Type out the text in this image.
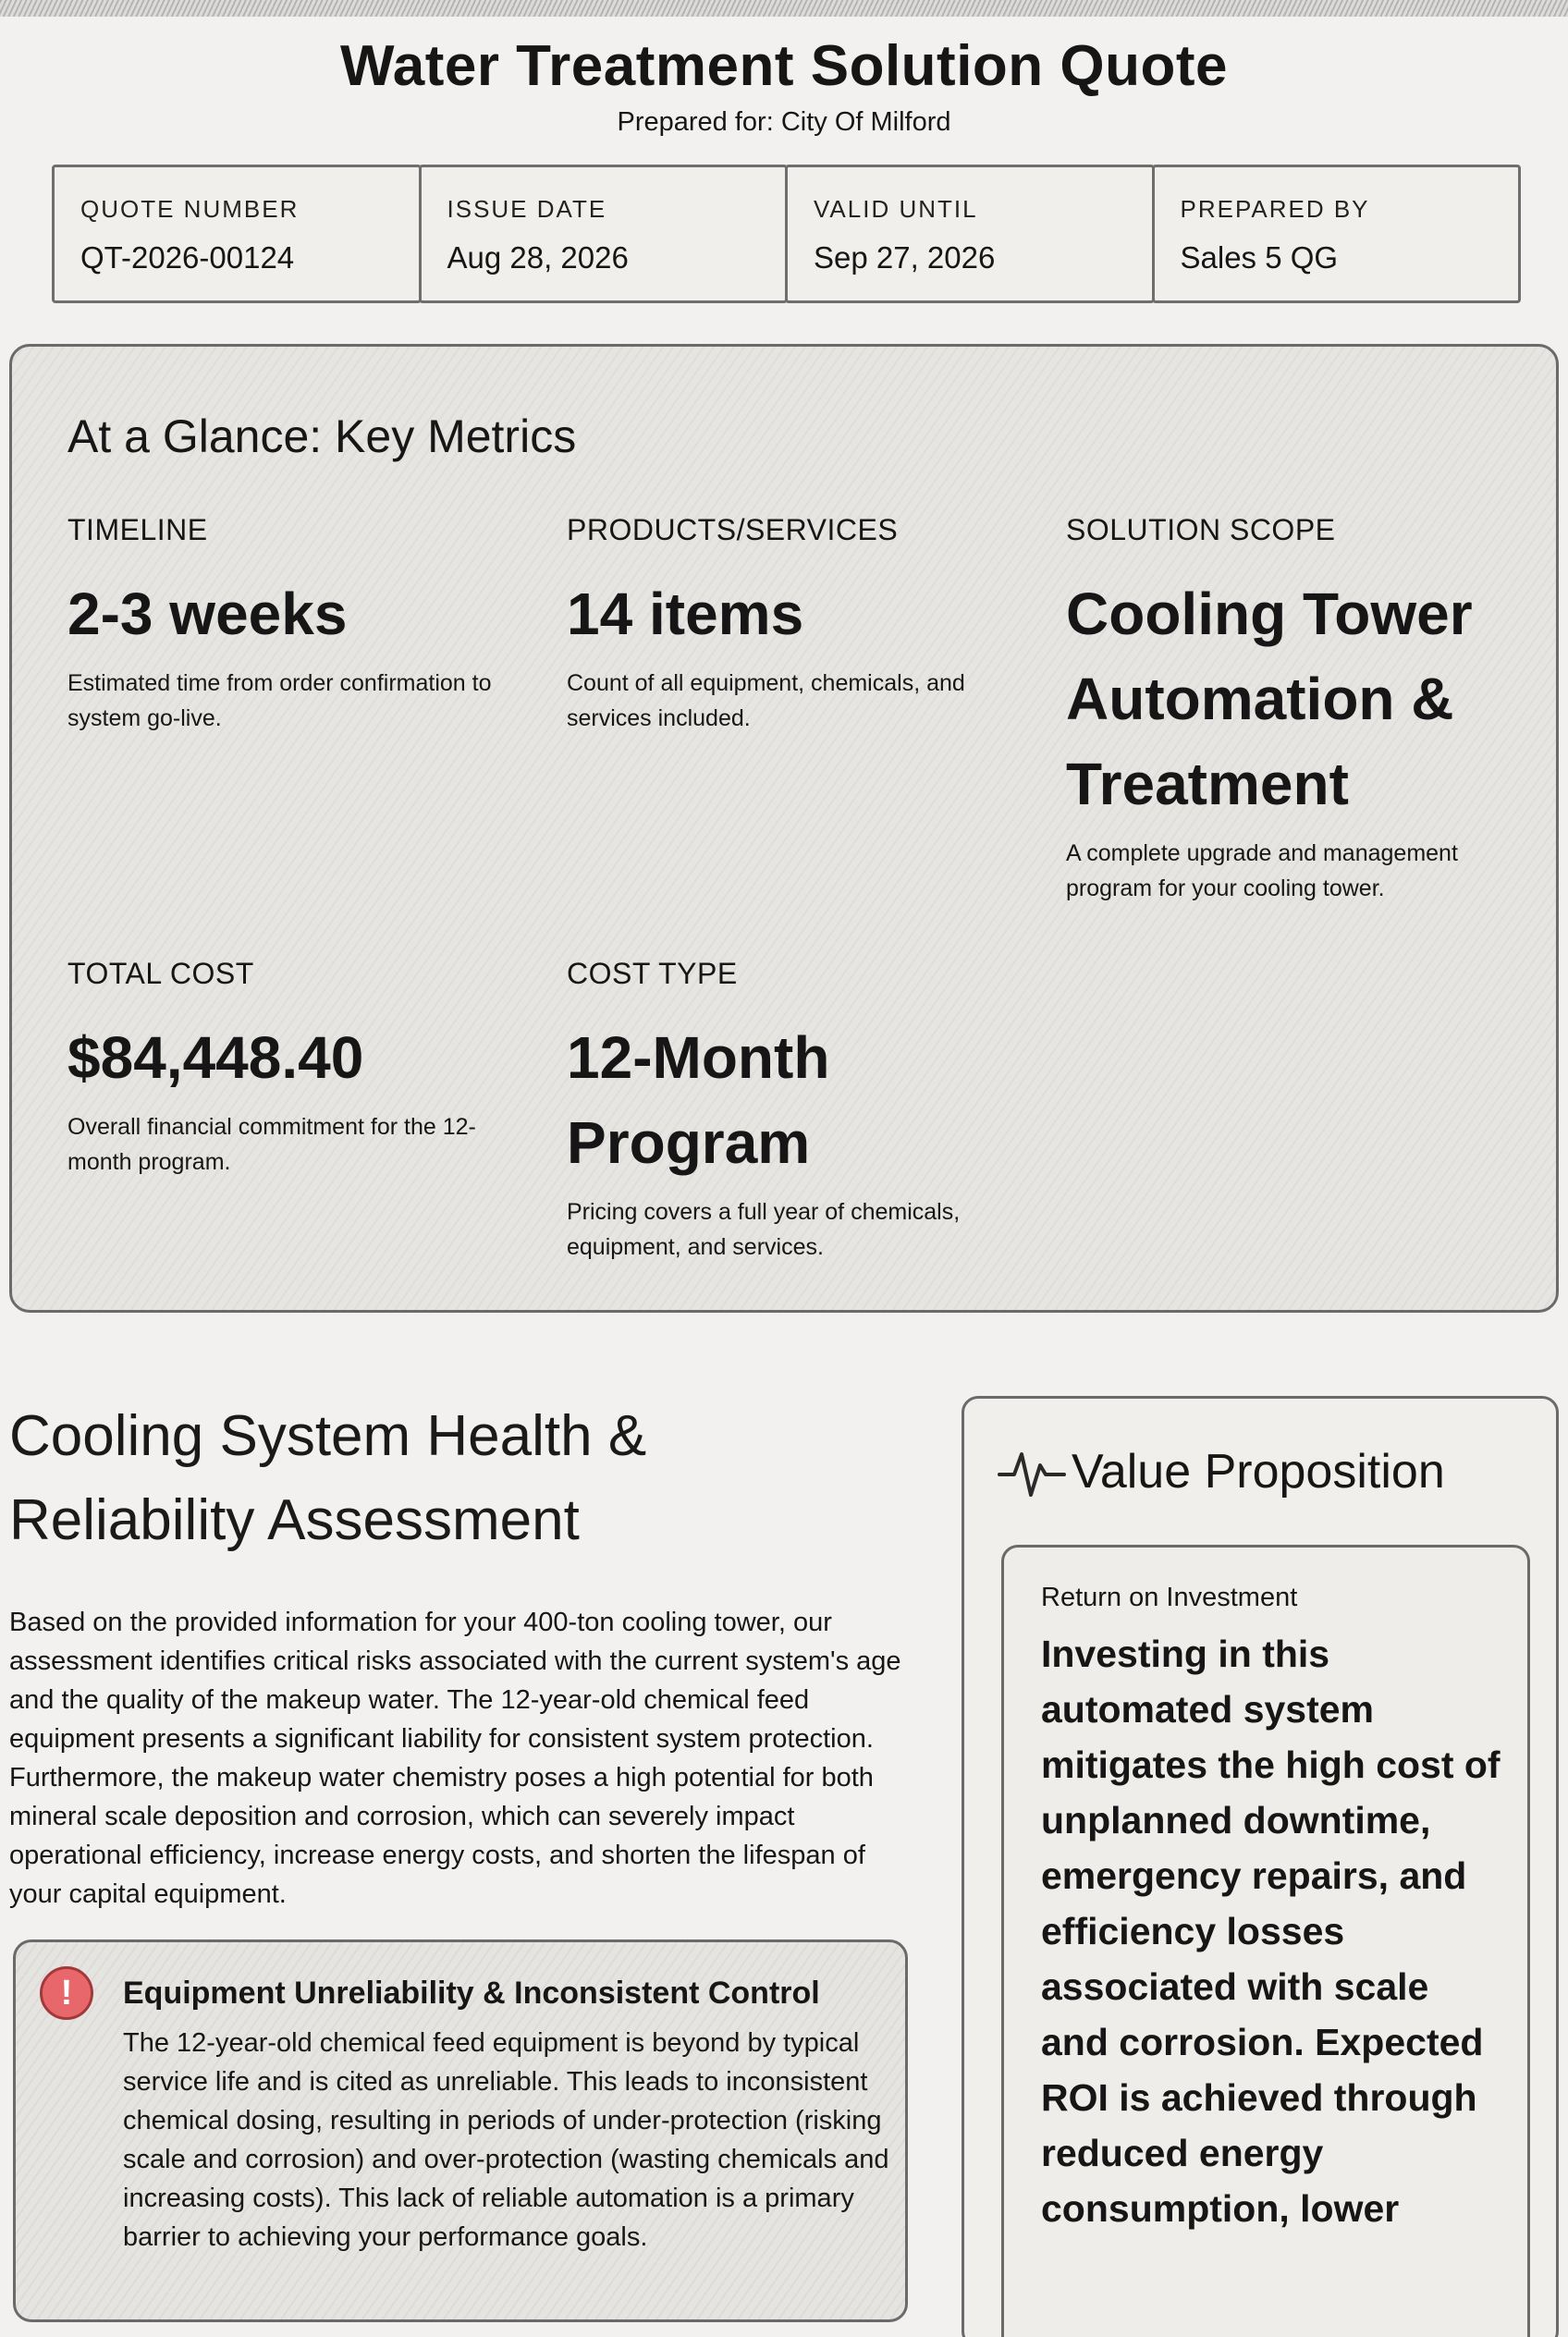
Water Treatment Solution Quote
Prepared for: City Of Milford
QUOTE NUMBER
QT-2026-00124
ISSUE DATE
Aug 28, 2026
VALID UNTIL
Sep 27, 2026
PREPARED BY
Sales 5 QG
At a Glance: Key Metrics
TIMELINE
2-3 weeks
Estimated time from order confirmation to system go-live.
PRODUCTS/SERVICES
14 items
Count of all equipment, chemicals, and services included.
SOLUTION SCOPE
Cooling Tower Automation & Treatment
A complete upgrade and management program for your cooling tower.
TOTAL COST
$84,448.40
Overall financial commitment for the 12-month program.
COST TYPE
12-Month Program
Pricing covers a full year of chemicals, equipment, and services.
Cooling System Health & Reliability Assessment

Based on the provided information for your 400-ton cooling tower, our assessment identifies critical risks associated with the current system's age and the quality of the makeup water. The 12-year-old chemical feed equipment presents a significant liability for consistent system protection. Furthermore, the makeup water chemistry poses a high potential for both mineral scale deposition and corrosion, which can severely impact operational efficiency, increase energy costs, and shorten the lifespan of your capital equipment.

!	Equipment Unreliability & Inconsistent Control

The 12-year-old chemical feed equipment is beyond by typical service life and is cited as unreliable. This leads to inconsistent chemical dosing, resulting in periods of under-protection (risking scale and corrosion) and over-protection (wasting chemicals and increasing costs). This lack of reliable automation is a primary barrier to achieving your performance goals.

Value Proposition
Return on Investment
Investing in this automated system mitigates the high cost of unplanned downtime, emergency repairs, and efficiency losses associated with scale and corrosion. Expected ROI is achieved through reduced energy consumption, lower
